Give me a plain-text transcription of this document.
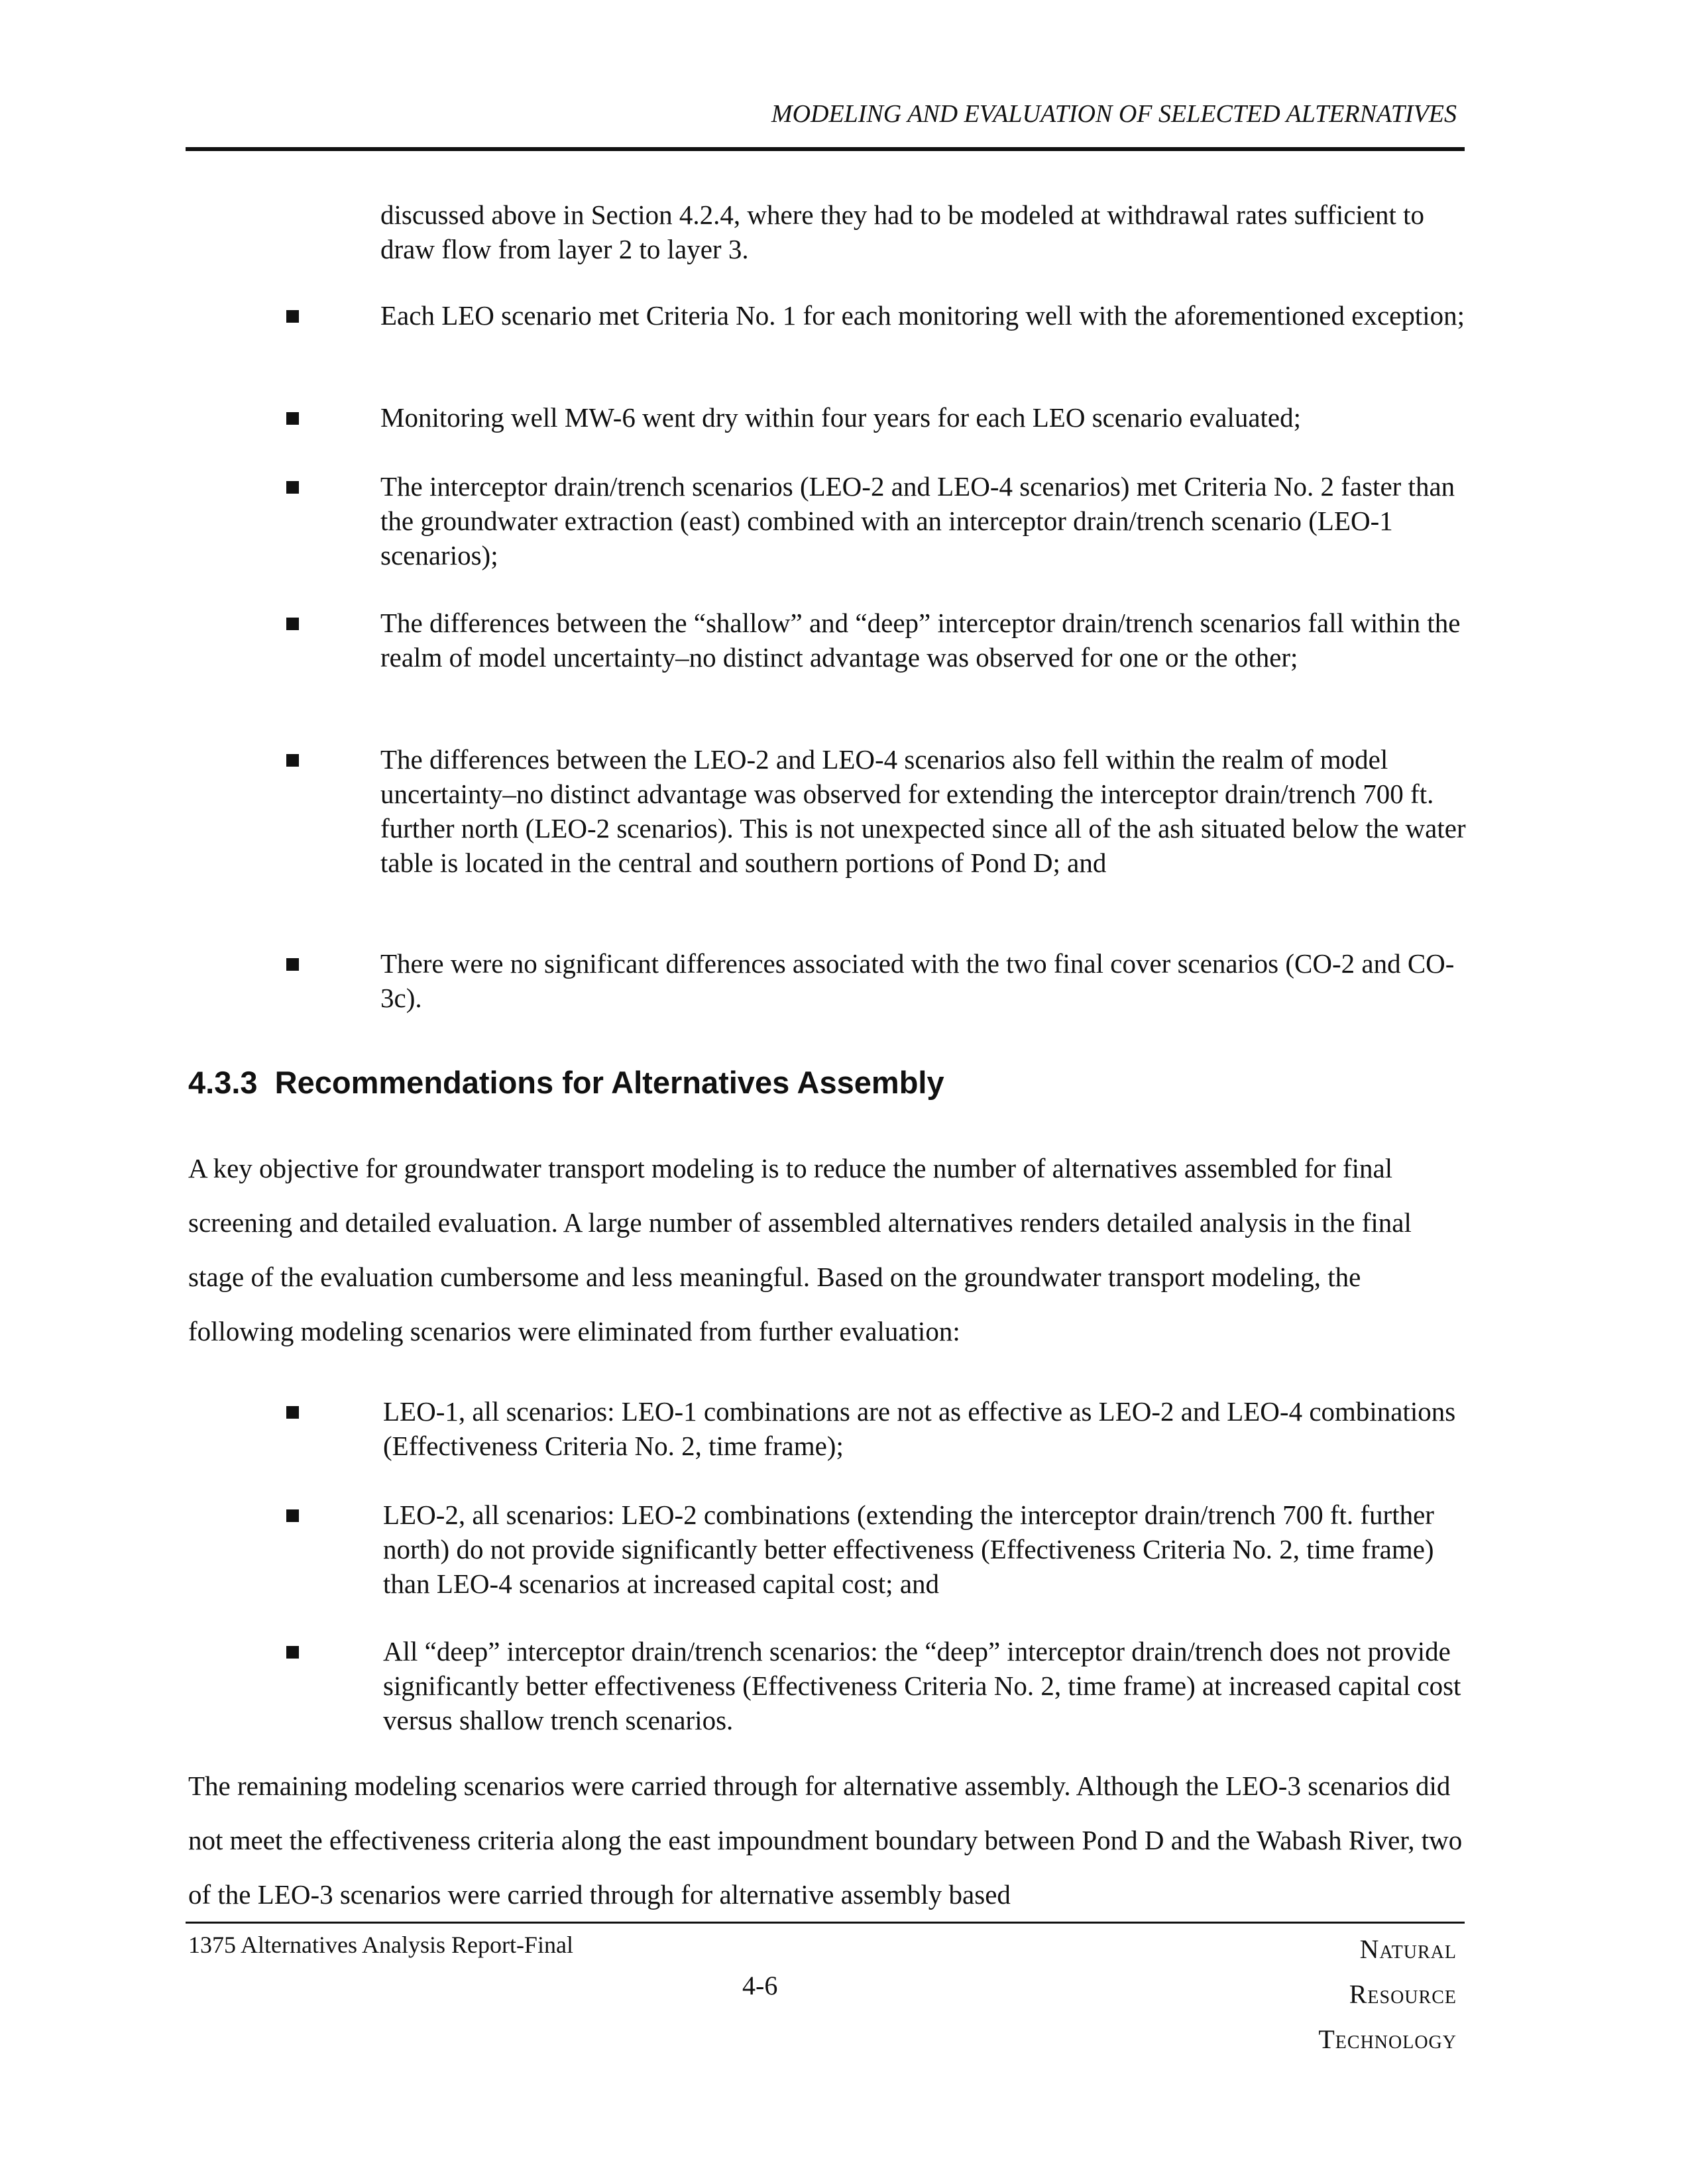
MODELING AND EVALUATION OF SELECTED ALTERNATIVES

discussed above in Section 4.2.4, where they had to be modeled at withdrawal rates sufficient to draw flow from layer 2 to layer 3.

Each LEO scenario met Criteria No. 1 for each monitoring well with the aforementioned exception;

Monitoring well MW-6 went dry within four years for each LEO scenario evaluated;

The interceptor drain/trench scenarios (LEO-2 and LEO-4 scenarios) met Criteria No. 2 faster than the groundwater extraction (east) combined with an interceptor drain/trench scenario (LEO-1 scenarios);

The differences between the “shallow” and “deep” interceptor drain/trench scenarios fall within the realm of model uncertainty–no distinct advantage was observed for one or the other;

The differences between the LEO-2 and LEO-4 scenarios also fell within the realm of model uncertainty–no distinct advantage was observed for extending the interceptor drain/trench 700 ft. further north (LEO-2 scenarios). This is not unexpected since all of the ash situated below the water table is located in the central and southern portions of Pond D; and

There were no significant differences associated with the two final cover scenarios (CO-2 and CO-3c).

4.3.3 Recommendations for Alternatives Assembly

A key objective for groundwater transport modeling is to reduce the number of alternatives assembled for final screening and detailed evaluation. A large number of assembled alternatives renders detailed analysis in the final stage of the evaluation cumbersome and less meaningful. Based on the groundwater transport modeling, the following modeling scenarios were eliminated from further evaluation:

LEO-1, all scenarios: LEO-1 combinations are not as effective as LEO-2 and LEO-4 combinations (Effectiveness Criteria No. 2, time frame);

LEO-2, all scenarios: LEO-2 combinations (extending the interceptor drain/trench 700 ft. further north) do not provide significantly better effectiveness (Effectiveness Criteria No. 2, time frame) than LEO-4 scenarios at increased capital cost; and

All “deep” interceptor drain/trench scenarios: the “deep” interceptor drain/trench does not provide significantly better effectiveness (Effectiveness Criteria No. 2, time frame) at increased capital cost versus shallow trench scenarios.

The remaining modeling scenarios were carried through for alternative assembly. Although the LEO-3 scenarios did not meet the effectiveness criteria along the east impoundment boundary between Pond D and the Wabash River, two of the LEO-3 scenarios were carried through for alternative assembly based

1375 Alternatives Analysis Report-Final
4-6
Natural
Resource
Technology
